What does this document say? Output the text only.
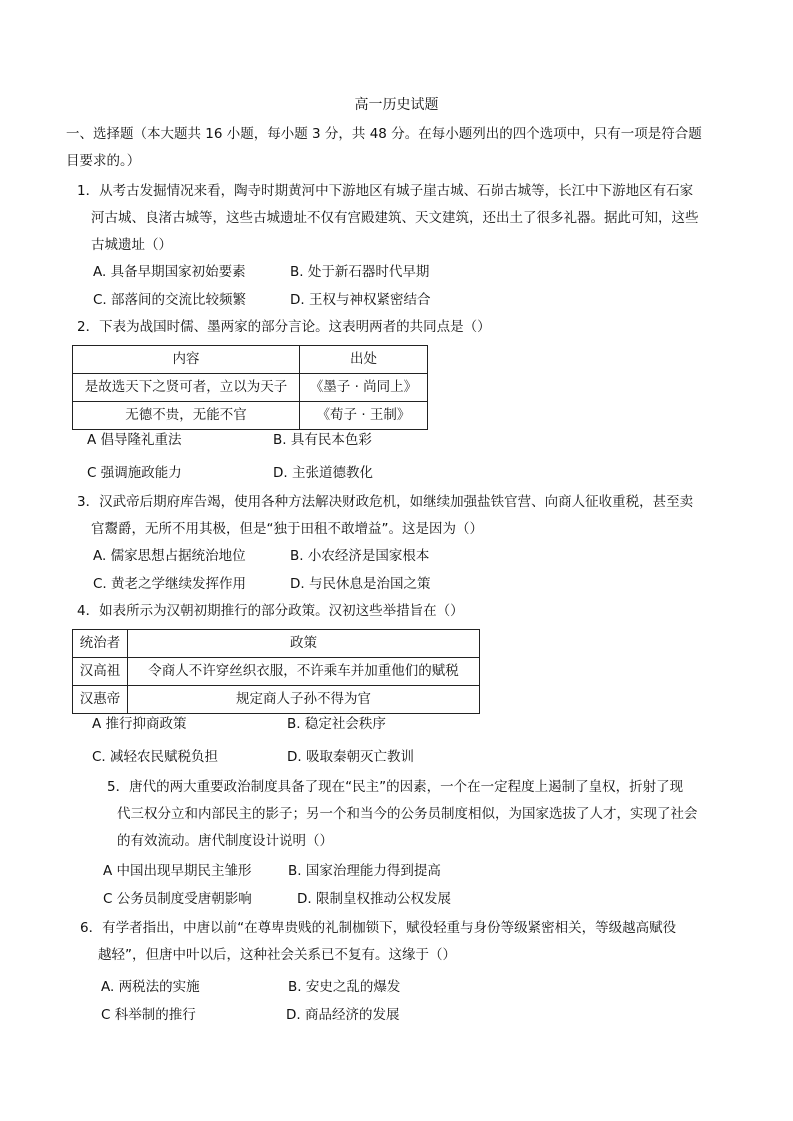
高一历史试题
一、选择题（本大题共 16 小题，每小题 3 分，共 48 分。在每小题列出的四个选项中，只有一项是符合题
目要求的。）
1．从考古发掘情况来看，陶寺时期黄河中下游地区有城子崖古城、石峁古城等，长江中下游地区有石家
河古城、良渚古城等，这些古城遗址不仅有宫殿建筑、天文建筑，还出土了很多礼器。据此可知，这些
古城遗址（）
A. 具备早期国家初始要素	B. 处于新石器时代早期
C. 部落间的交流比较频繁	D. 王权与神权紧密结合
2．下表为战国时儒、墨两家的部分言论。这表明两者的共同点是（）
内容	出处
是故选天下之贤可者，立以为天子	《墨子 · 尚同上》
无德不贵，无能不官	《荀子 · 王制》
A 倡导隆礼重法	B. 具有民本色彩
C 强调施政能力	D. 主张道德教化
3．汉武帝后期府库告竭，使用各种方法解决财政危机，如继续加强盐铁官营、向商人征收重税，甚至卖
官鬻爵，无所不用其极，但是“独于田租不敢增益”。这是因为（）
A. 儒家思想占据统治地位	B. 小农经济是国家根本
C. 黄老之学继续发挥作用	D. 与民休息是治国之策
4．如表所示为汉朝初期推行的部分政策。汉初这些举措旨在（）
统治者	政策
汉高祖	令商人不许穿丝织衣服，不许乘车并加重他们的赋税
汉惠帝	规定商人子孙不得为官
A 推行抑商政策	B. 稳定社会秩序
C. 减轻农民赋税负担	D. 吸取秦朝灭亡教训
5．唐代的两大重要政治制度具备了现在“民主”的因素，一个在一定程度上遏制了皇权，折射了现
代三权分立和内部民主的影子；另一个和当今的公务员制度相似，为国家选拔了人才，实现了社会
的有效流动。唐代制度设计说明（）
A 中国出现早期民主雏形	B. 国家治理能力得到提高
C 公务员制度受唐朝影响	D. 限制皇权推动公权发展
6．有学者指出，中唐以前“在尊卑贵贱的礼制枷锁下，赋役轻重与身份等级紧密相关，等级越高赋役
越轻”，但唐中叶以后，这种社会关系已不复有。这缘于（）
A. 两税法的实施	B. 安史之乱的爆发
C 科举制的推行	D. 商品经济的发展
